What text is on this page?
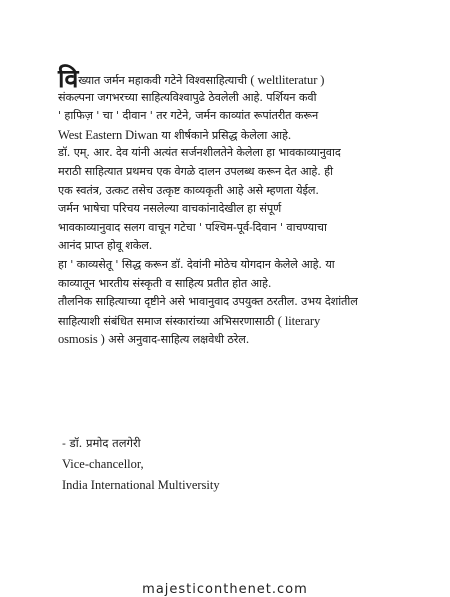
विख्यात जर्मन महाकवी गटेने विश्वसाहित्याची ( weltliteratur )
संकल्पना जगभरच्या साहित्यविश्वापुढे ठेवलेली आहे. पर्शियन कवी
' हाफिज़ ' चा ' दीवान ' तर गटेने, जर्मन काव्यांत रूपांतरीत करून
West Eastern Diwan या शीर्षकाने प्रसिद्ध केलेला आहे.
डॉ. एम्. आर. देव यांनी अत्यंत सर्जनशीलतेने केलेला हा भावकाव्यानुवाद
मराठी साहित्यात प्रथमच एक वेगळे दालन उपलब्ध करून देत आहे. ही
एक स्वतंत्र, उत्कट तसेच उत्कृष्ट काव्यकृती आहे असे म्हणता येईल.
जर्मन भाषेचा परिचय नसलेल्या वाचकांनादेखील हा संपूर्ण
भावकाव्यानुवाद सलग वाचून गटेचा ' पश्चिम-पूर्व-दिवान ' वाचण्याचा
आनंद प्राप्त होवू शकेल.
हा ' काव्यसेतू ' सिद्ध करून डॉ. देवांनी मोठेच योगदान केलेले आहे. या
काव्यातून भारतीय संस्कृती व साहित्य प्रतीत होत आहे.
तौलनिक साहित्याच्या दृष्टीने असे भावानुवाद उपयुक्त ठरतील. उभय देशांतील
साहित्याशी संबंधित समाज संस्कारांच्या अभिसरणासाठी ( literary
osmosis ) असे अनुवाद-साहित्य लक्षवेधी ठरेल.
- डॉ. प्रमोद तलगेरी
Vice-chancellor,
India International Multiversity
majesticonthenet.com
